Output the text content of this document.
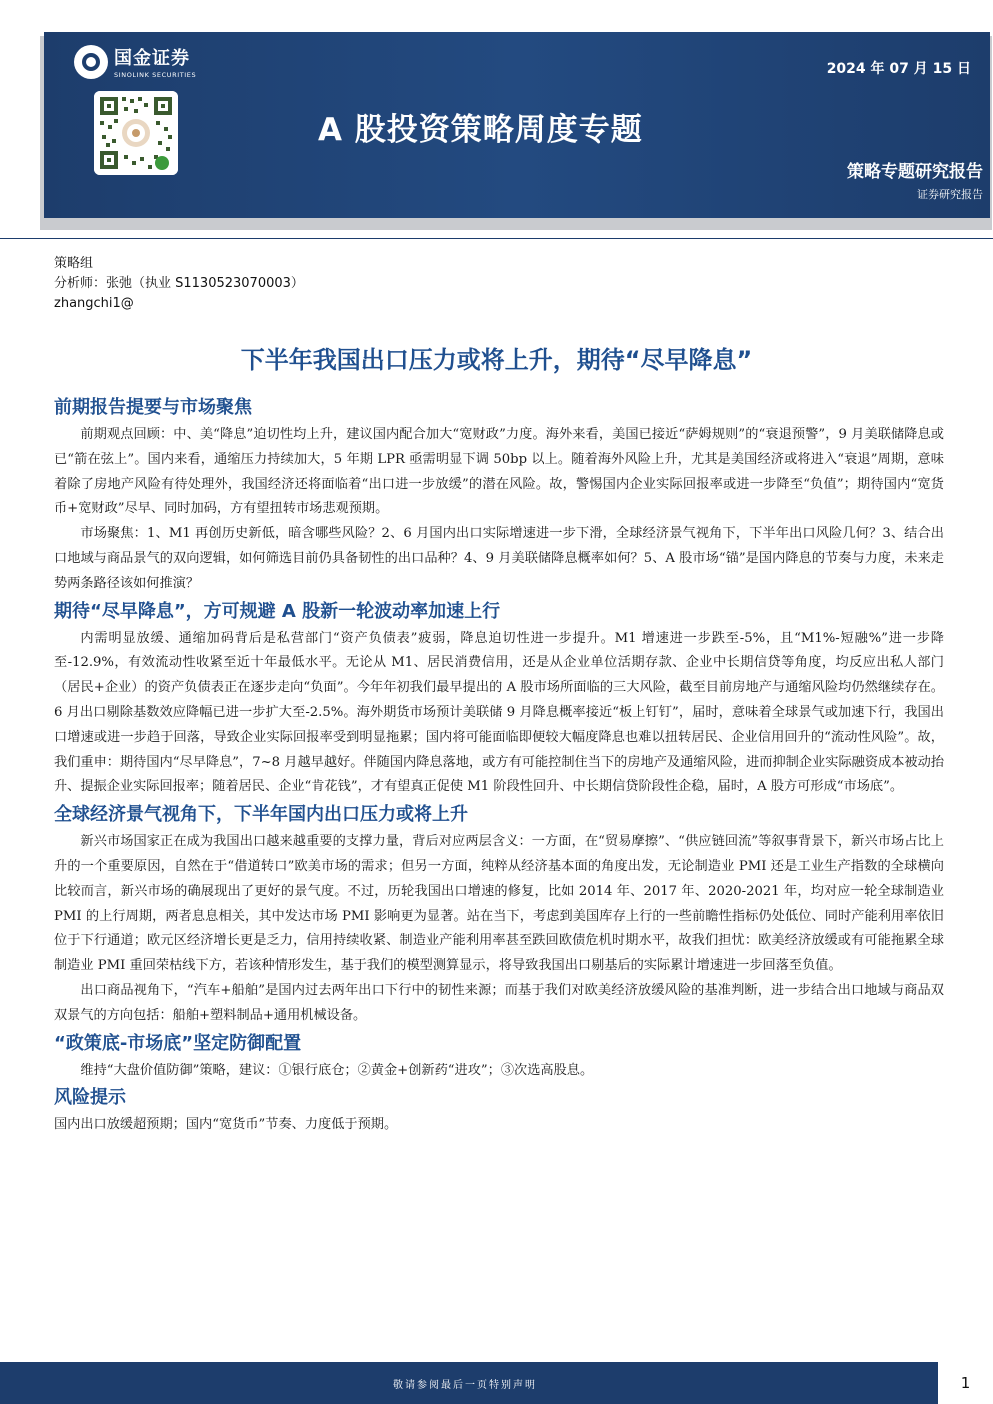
国金证券
SINOLINK SECURITIES	2024 年 07 月 15 日
A 股投资策略周度专题
策略专题研究报告
证券研究报告
策略组
分析师：张弛（执业 S1130523070003）
zhangchi1@
下半年我国出口压力或将上升，期待“尽早降息”
前期报告提要与市场聚焦

前期观点回顾：中、美“降息”迫切性均上升，建议国内配合加大“宽财政”力度。海外来看，美国已接近“萨姆规则”的“衰退预警”，9 月美联储降息或已“箭在弦上”。国内来看，通缩压力持续加大，5 年期 LPR 亟需明显下调 50bp 以上。随着海外风险上升，尤其是美国经济或将进入“衰退”周期，意味着除了房地产风险有待处理外，我国经济还将面临着“出口进一步放缓”的潜在风险。故，警惕国内企业实际回报率或进一步降至“负值”；期待国内“宽货币+宽财政”尽早、同时加码，方有望扭转市场悲观预期。

市场聚焦：1、M1 再创历史新低，暗含哪些风险？2、6 月国内出口实际增速进一步下滑，全球经济景气视角下，下半年出口风险几何？3、结合出口地域与商品景气的双向逻辑，如何筛选目前仍具备韧性的出口品种？4、9 月美联储降息概率如何？5、A 股市场“锚”是国内降息的节奏与力度，未来走势两条路径该如何推演？

期待“尽早降息”，方可规避 A 股新一轮波动率加速上行

内需明显放缓、通缩加码背后是私营部门“资产负债表”疲弱，降息迫切性进一步提升。M1 增速进一步跌至-5%，且“M1%-短融%”进一步降至-12.9%，有效流动性收紧至近十年最低水平。无论从 M1、居民消费信用，还是从企业单位活期存款、企业中长期信贷等角度，均反应出私人部门（居民+企业）的资产负债表正在逐步走向“负面”。今年年初我们最早提出的 A 股市场所面临的三大风险，截至目前房地产与通缩风险均仍然继续存在。6 月出口剔除基数效应降幅已进一步扩大至-2.5%。海外期货市场预计美联储 9 月降息概率接近“板上钉钉”，届时，意味着全球景气或加速下行，我国出口增速或进一步趋于回落，导致企业实际回报率受到明显拖累；国内将可能面临即便较大幅度降息也难以扭转居民、企业信用回升的“流动性风险”。故，我们重申：期待国内“尽早降息”，7~8 月越早越好。伴随国内降息落地，或方有可能控制住当下的房地产及通缩风险，进而抑制企业实际融资成本被动抬升、提振企业实际回报率；随着居民、企业“肯花钱”，才有望真正促使 M1 阶段性回升、中长期信贷阶段性企稳，届时，A 股方可形成“市场底”。

全球经济景气视角下，下半年国内出口压力或将上升

新兴市场国家正在成为我国出口越来越重要的支撑力量，背后对应两层含义：一方面，在“贸易摩擦”、“供应链回流”等叙事背景下，新兴市场占比上升的一个重要原因，自然在于“借道转口”欧美市场的需求；但另一方面，纯粹从经济基本面的角度出发，无论制造业 PMI 还是工业生产指数的全球横向比较而言，新兴市场的确展现出了更好的景气度。不过，历轮我国出口增速的修复，比如 2014 年、2017 年、2020-2021 年，均对应一轮全球制造业 PMI 的上行周期，两者息息相关，其中发达市场 PMI 影响更为显著。站在当下，考虑到美国库存上行的一些前瞻性指标仍处低位、同时产能利用率依旧位于下行通道；欧元区经济增长更是乏力，信用持续收紧、制造业产能利用率甚至跌回欧债危机时期水平，故我们担忧：欧美经济放缓或有可能拖累全球制造业 PMI 重回荣枯线下方，若该种情形发生，基于我们的模型测算显示，将导致我国出口剔基后的实际累计增速进一步回落至负值。

出口商品视角下，“汽车+船舶”是国内过去两年出口下行中的韧性来源；而基于我们对欧美经济放缓风险的基准判断，进一步结合出口地域与商品双双景气的方向包括：船舶+塑料制品+通用机械设备。

“政策底-市场底”坚定防御配置

维持“大盘价值防御”策略，建议：①银行底仓；②黄金+创新药“进攻”；③次选高股息。

风险提示

国内出口放缓超预期；国内“宽货币”节奏、力度低于预期。

敬请参阅最后一页特别声明	1
